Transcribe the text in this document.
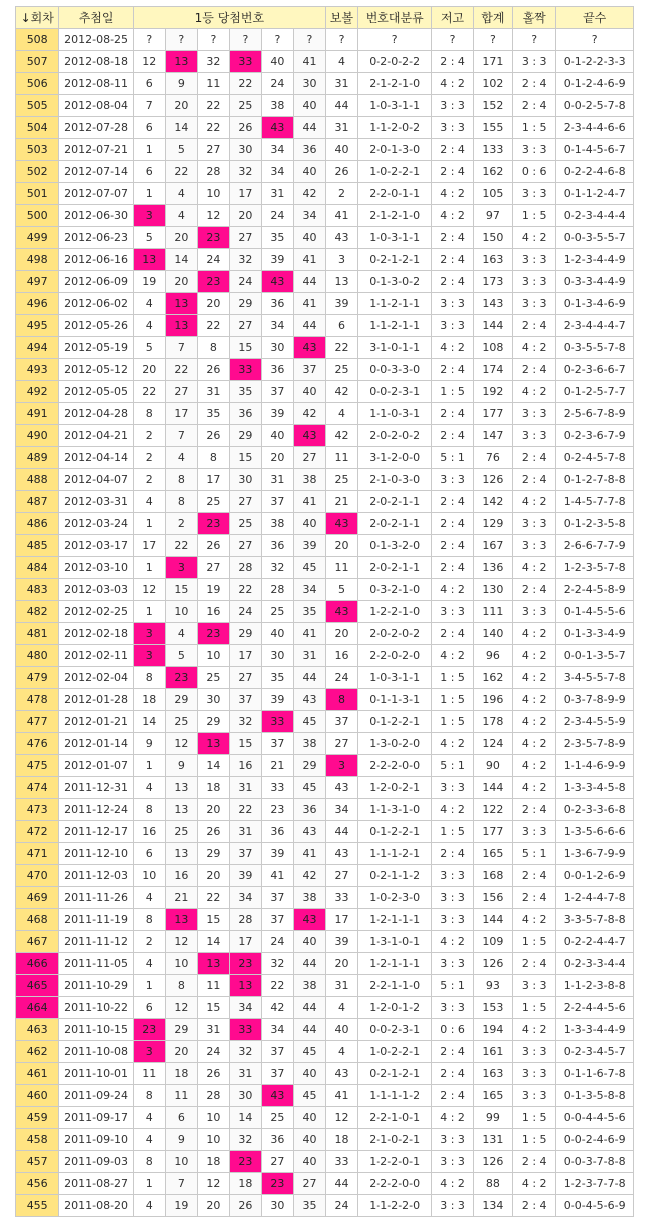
↓회차	추첨일	1등 당첨번호						보볼	번호대분류	저고	합계	홀짝	끝수
508	2012-08-25	?	?	?	?	?	?	?	?	?	?	?	?
507	2012-08-18	12	13	32	33	40	41	4	0-2-0-2-2	2 : 4	171	3 : 3	0-1-2-2-3-3
506	2012-08-11	6	9	11	22	24	30	31	2-1-2-1-0	4 : 2	102	2 : 4	0-1-2-4-6-9
505	2012-08-04	7	20	22	25	38	40	44	1-0-3-1-1	3 : 3	152	2 : 4	0-0-2-5-7-8
504	2012-07-28	6	14	22	26	43	44	31	1-1-2-0-2	3 : 3	155	1 : 5	2-3-4-4-6-6
503	2012-07-21	1	5	27	30	34	36	40	2-0-1-3-0	2 : 4	133	3 : 3	0-1-4-5-6-7
502	2012-07-14	6	22	28	32	34	40	26	1-0-2-2-1	2 : 4	162	0 : 6	0-2-2-4-6-8
501	2012-07-07	1	4	10	17	31	42	2	2-2-0-1-1	4 : 2	105	3 : 3	0-1-1-2-4-7
500	2012-06-30	3	4	12	20	24	34	41	2-1-2-1-0	4 : 2	97	1 : 5	0-2-3-4-4-4
499	2012-06-23	5	20	23	27	35	40	43	1-0-3-1-1	2 : 4	150	4 : 2	0-0-3-5-5-7
498	2012-06-16	13	14	24	32	39	41	3	0-2-1-2-1	2 : 4	163	3 : 3	1-2-3-4-4-9
497	2012-06-09	19	20	23	24	43	44	13	0-1-3-0-2	2 : 4	173	3 : 3	0-3-3-4-4-9
496	2012-06-02	4	13	20	29	36	41	39	1-1-2-1-1	3 : 3	143	3 : 3	0-1-3-4-6-9
495	2012-05-26	4	13	22	27	34	44	6	1-1-2-1-1	3 : 3	144	2 : 4	2-3-4-4-4-7
494	2012-05-19	5	7	8	15	30	43	22	3-1-0-1-1	4 : 2	108	4 : 2	0-3-5-5-7-8
493	2012-05-12	20	22	26	33	36	37	25	0-0-3-3-0	2 : 4	174	2 : 4	0-2-3-6-6-7
492	2012-05-05	22	27	31	35	37	40	42	0-0-2-3-1	1 : 5	192	4 : 2	0-1-2-5-7-7
491	2012-04-28	8	17	35	36	39	42	4	1-1-0-3-1	2 : 4	177	3 : 3	2-5-6-7-8-9
490	2012-04-21	2	7	26	29	40	43	42	2-0-2-0-2	2 : 4	147	3 : 3	0-2-3-6-7-9
489	2012-04-14	2	4	8	15	20	27	11	3-1-2-0-0	5 : 1	76	2 : 4	0-2-4-5-7-8
488	2012-04-07	2	8	17	30	31	38	25	2-1-0-3-0	3 : 3	126	2 : 4	0-1-2-7-8-8
487	2012-03-31	4	8	25	27	37	41	21	2-0-2-1-1	2 : 4	142	4 : 2	1-4-5-7-7-8
486	2012-03-24	1	2	23	25	38	40	43	2-0-2-1-1	2 : 4	129	3 : 3	0-1-2-3-5-8
485	2012-03-17	17	22	26	27	36	39	20	0-1-3-2-0	2 : 4	167	3 : 3	2-6-6-7-7-9
484	2012-03-10	1	3	27	28	32	45	11	2-0-2-1-1	2 : 4	136	4 : 2	1-2-3-5-7-8
483	2012-03-03	12	15	19	22	28	34	5	0-3-2-1-0	4 : 2	130	2 : 4	2-2-4-5-8-9
482	2012-02-25	1	10	16	24	25	35	43	1-2-2-1-0	3 : 3	111	3 : 3	0-1-4-5-5-6
481	2012-02-18	3	4	23	29	40	41	20	2-0-2-0-2	2 : 4	140	4 : 2	0-1-3-3-4-9
480	2012-02-11	3	5	10	17	30	31	16	2-2-0-2-0	4 : 2	96	4 : 2	0-0-1-3-5-7
479	2012-02-04	8	23	25	27	35	44	24	1-0-3-1-1	1 : 5	162	4 : 2	3-4-5-5-7-8
478	2012-01-28	18	29	30	37	39	43	8	0-1-1-3-1	1 : 5	196	4 : 2	0-3-7-8-9-9
477	2012-01-21	14	25	29	32	33	45	37	0-1-2-2-1	1 : 5	178	4 : 2	2-3-4-5-5-9
476	2012-01-14	9	12	13	15	37	38	27	1-3-0-2-0	4 : 2	124	4 : 2	2-3-5-7-8-9
475	2012-01-07	1	9	14	16	21	29	3	2-2-2-0-0	5 : 1	90	4 : 2	1-1-4-6-9-9
474	2011-12-31	4	13	18	31	33	45	43	1-2-0-2-1	3 : 3	144	4 : 2	1-3-3-4-5-8
473	2011-12-24	8	13	20	22	23	36	34	1-1-3-1-0	4 : 2	122	2 : 4	0-2-3-3-6-8
472	2011-12-17	16	25	26	31	36	43	44	0-1-2-2-1	1 : 5	177	3 : 3	1-3-5-6-6-6
471	2011-12-10	6	13	29	37	39	41	43	1-1-1-2-1	2 : 4	165	5 : 1	1-3-6-7-9-9
470	2011-12-03	10	16	20	39	41	42	27	0-2-1-1-2	3 : 3	168	2 : 4	0-0-1-2-6-9
469	2011-11-26	4	21	22	34	37	38	33	1-0-2-3-0	3 : 3	156	2 : 4	1-2-4-4-7-8
468	2011-11-19	8	13	15	28	37	43	17	1-2-1-1-1	3 : 3	144	4 : 2	3-3-5-7-8-8
467	2011-11-12	2	12	14	17	24	40	39	1-3-1-0-1	4 : 2	109	1 : 5	0-2-2-4-4-7
466	2011-11-05	4	10	13	23	32	44	20	1-2-1-1-1	3 : 3	126	2 : 4	0-2-3-3-4-4
465	2011-10-29	1	8	11	13	22	38	31	2-2-1-1-0	5 : 1	93	3 : 3	1-1-2-3-8-8
464	2011-10-22	6	12	15	34	42	44	4	1-2-0-1-2	3 : 3	153	1 : 5	2-2-4-4-5-6
463	2011-10-15	23	29	31	33	34	44	40	0-0-2-3-1	0 : 6	194	4 : 2	1-3-3-4-4-9
462	2011-10-08	3	20	24	32	37	45	4	1-0-2-2-1	2 : 4	161	3 : 3	0-2-3-4-5-7
461	2011-10-01	11	18	26	31	37	40	43	0-2-1-2-1	2 : 4	163	3 : 3	0-1-1-6-7-8
460	2011-09-24	8	11	28	30	43	45	41	1-1-1-1-2	2 : 4	165	3 : 3	0-1-3-5-8-8
459	2011-09-17	4	6	10	14	25	40	12	2-2-1-0-1	4 : 2	99	1 : 5	0-0-4-4-5-6
458	2011-09-10	4	9	10	32	36	40	18	2-1-0-2-1	3 : 3	131	1 : 5	0-0-2-4-6-9
457	2011-09-03	8	10	18	23	27	40	33	1-2-2-0-1	3 : 3	126	2 : 4	0-0-3-7-8-8
456	2011-08-27	1	7	12	18	23	27	44	2-2-2-0-0	4 : 2	88	4 : 2	1-2-3-7-7-8
455	2011-08-20	4	19	20	26	30	35	24	1-1-2-2-0	3 : 3	134	2 : 4	0-0-4-5-6-9
